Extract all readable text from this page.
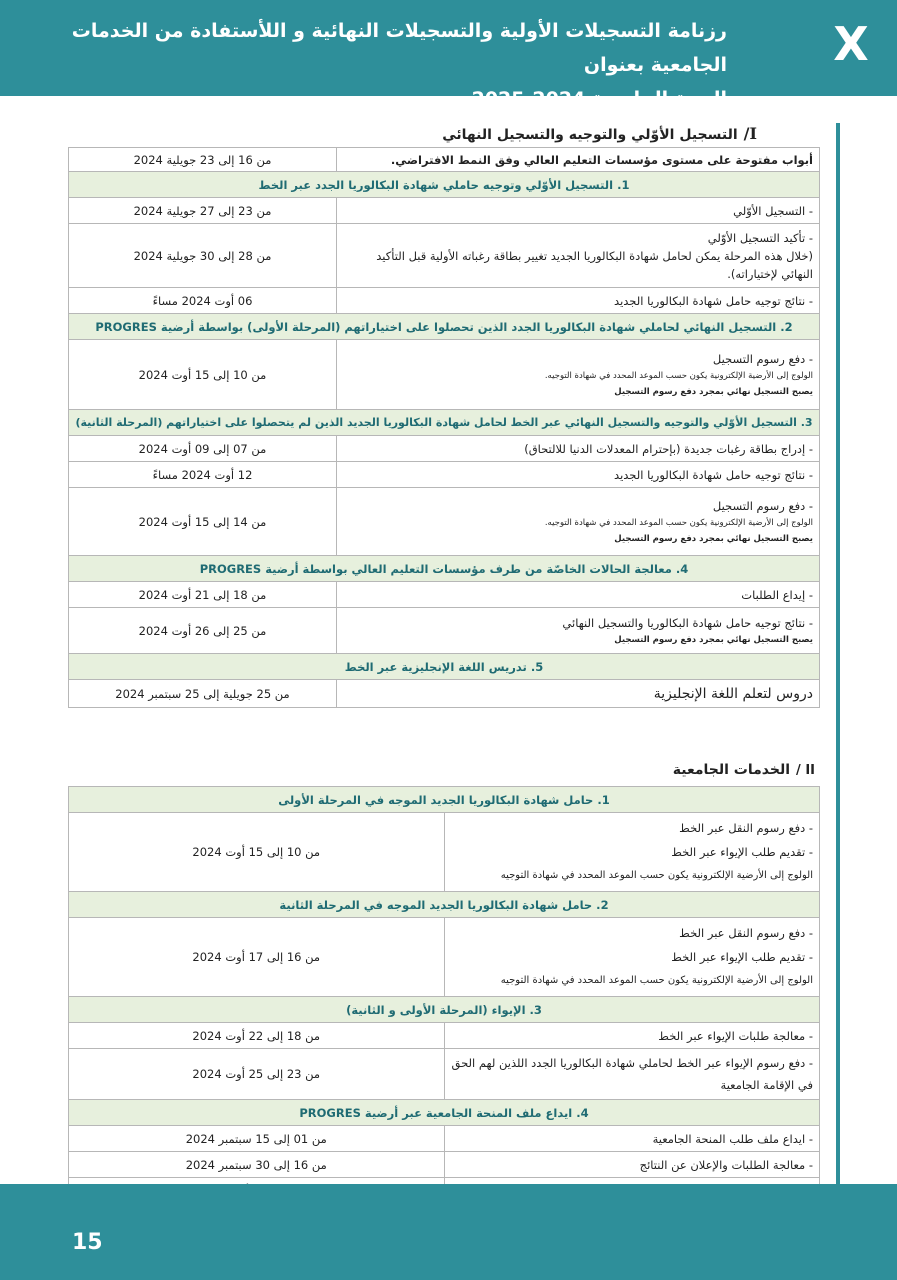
رزنامة التسجيلات الأولية والتسجيلات النهائية و اللأستفادة من الخدمات الجامعية بعنوان
السنة الجامعية 2024-2025
X
I/التسجيل الأوّلي والتوجيه والتسجيل النهائي
أبواب مفتوحة على مستوى مؤسسات التعليم العالي وفق النمط الافتراضي.	من 16 إلى 23 جويلية 2024
1. التسجيل الأوّلي وتوجيه حاملي شهادة البكالوريا الجدد عبر الخط	
- التسجيل الأوّلي	من 23 إلى 27 جويلية 2024

- تأكيد التسجيل الأوّلي
(خلال هذه المرحلة يمكن لحامل شهادة البكالوريا الجديد تغيير بطاقة رغباته الأولية قبل التأكيد النهائي لإختياراته).	من 28 إلى 30 جويلية 2024
- نتائج توجيه حامل شهادة البكالوريا الجديد	06 أوت 2024 مساءً
2. التسجيل النهائي لحاملي شهادة البكالوريا الجدد الذين تحصلوا على اختياراتهم (المرحلة الأولى) بواسطة أرضية PROGRES	

- دفع رسوم التسجيل
الولوج إلى الأرضية الإلكترونية يكون حسب الموعد المحدد في شهادة التوجيه.
يصبح التسجيل نهائي بمجرد دفع رسوم التسجيل	من 10 إلى 15 أوت 2024
3. التسجيل الأوّلي والتوجيه والتسجيل النهائي عبر الخط لحامل شهادة البكالوريا الجديد الذين لم يتحصلوا على اختياراتهم (المرحلة الثانية)	
- إدراج بطاقة رغبات جديدة (بإحترام المعدلات الدنيا للالتحاق)	من 07 إلى 09 أوت 2024
- نتائج توجيه حامل شهادة البكالوريا الجديد	12 أوت 2024 مساءً

- دفع رسوم التسجيل
الولوج إلى الأرضية الإلكترونية يكون حسب الموعد المحدد في شهادة التوجيه.
يصبح التسجيل نهائي بمجرد دفع رسوم التسجيل	من 14 إلى 15 أوت 2024
4. معالجة الحالات الخاصّة من طرف مؤسسات التعليم العالي بواسطة أرضية PROGRES	
- إيداع الطلبات	من 18 إلى 21 أوت 2024

- نتائج توجيه حامل شهادة البكالوريا والتسجيل النهائي
يصبح التسجيل نهائي بمجرد دفع رسوم التسجيل	من 25 إلى 26 أوت 2024
5. تدريس اللغة الإنجليزية عبر الخط	
دروس لتعلم اللغة الإنجليزية	من 25 جويلية إلى 25 سبتمبر 2024
II /الخدمات الجامعية
1. حامل شهادة البكالوريا الجديد الموجه في المرحلة الأولى	

- دفع رسوم النقل عبر الخط
- تقديم طلب الإيواء عبر الخط
الولوج إلى الأرضية الإلكترونية يكون حسب الموعد المحدد في شهادة التوجيه	من 10 إلى 15 أوت 2024
2. حامل شهادة البكالوريا الجديد الموجه في المرحلة الثانية	

- دفع رسوم النقل عبر الخط
- تقديم طلب الإيواء عبر الخط
الولوج إلى الأرضية الإلكترونية يكون حسب الموعد المحدد في شهادة التوجيه	من 16 إلى 17 أوت 2024
3. الإيواء (المرحلة الأولى و الثانية)	
- معالجة طلبات الإيواء عبر الخط	من 18 إلى 22 أوت 2024
- دفع رسوم الإيواء عبر الخط لحاملي شهادة البكالوريا الجدد اللذين لهم الحق في الإقامة الجامعية	من 23 إلى 25 أوت 2024
4. ايداع ملف المنحة الجامعية عبر أرضية PROGRES	
- ايداع ملف طلب المنحة الجامعية	من 01 إلى 15 سبتمبر 2024
- معالجة الطلبات والإعلان عن النتائج	من 16 إلى 30 سبتمبر 2024

15
